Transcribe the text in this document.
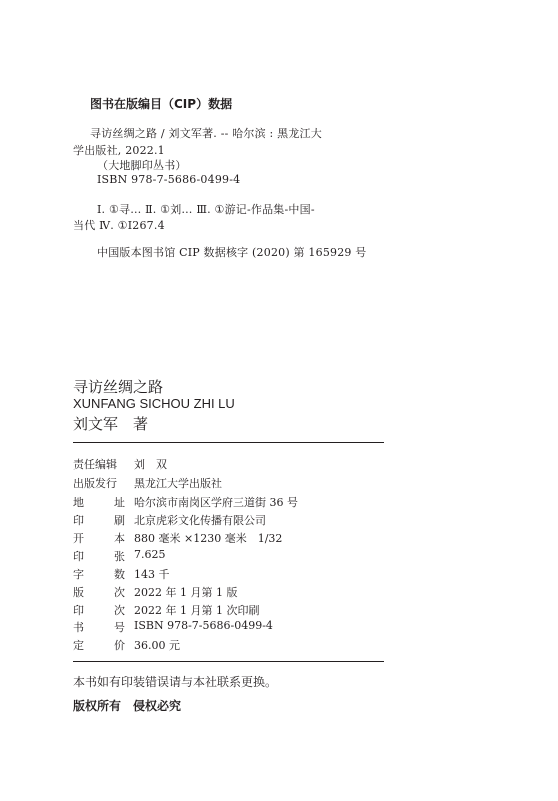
图书在版编目（CIP）数据
寻访丝绸之路 / 刘文军著. -- 哈尔滨 : 黑龙江大
学出版社, 2022.1
（大地脚印丛书）
ISBN 978-7-5686-0499-4
Ⅰ. ①寻… Ⅱ. ①刘… Ⅲ. ①游记-作品集-中国-
当代 Ⅳ. ①I267.4
中国版本图书馆 CIP 数据核字 (2020) 第 165929 号
寻访丝绸之路
XUNFANG SICHOU ZHI LU
刘文军　著
责任编辑	刘　双
出版发行	黑龙江大学出版社
地	址 哈尔滨市南岗区学府三道街 36 号
印	刷 北京虎彩文化传播有限公司
开	本 880 毫米 ×1230 毫米　1/32
印	张 7.625
字	数 143 千
版	次 2022 年 1 月第 1 版
印	次 2022 年 1 月第 1 次印刷
书	号 ISBN 978-7-5686-0499-4
定	价 36.00 元
本书如有印装错误请与本社联系更换。
版权所有　侵权必究
